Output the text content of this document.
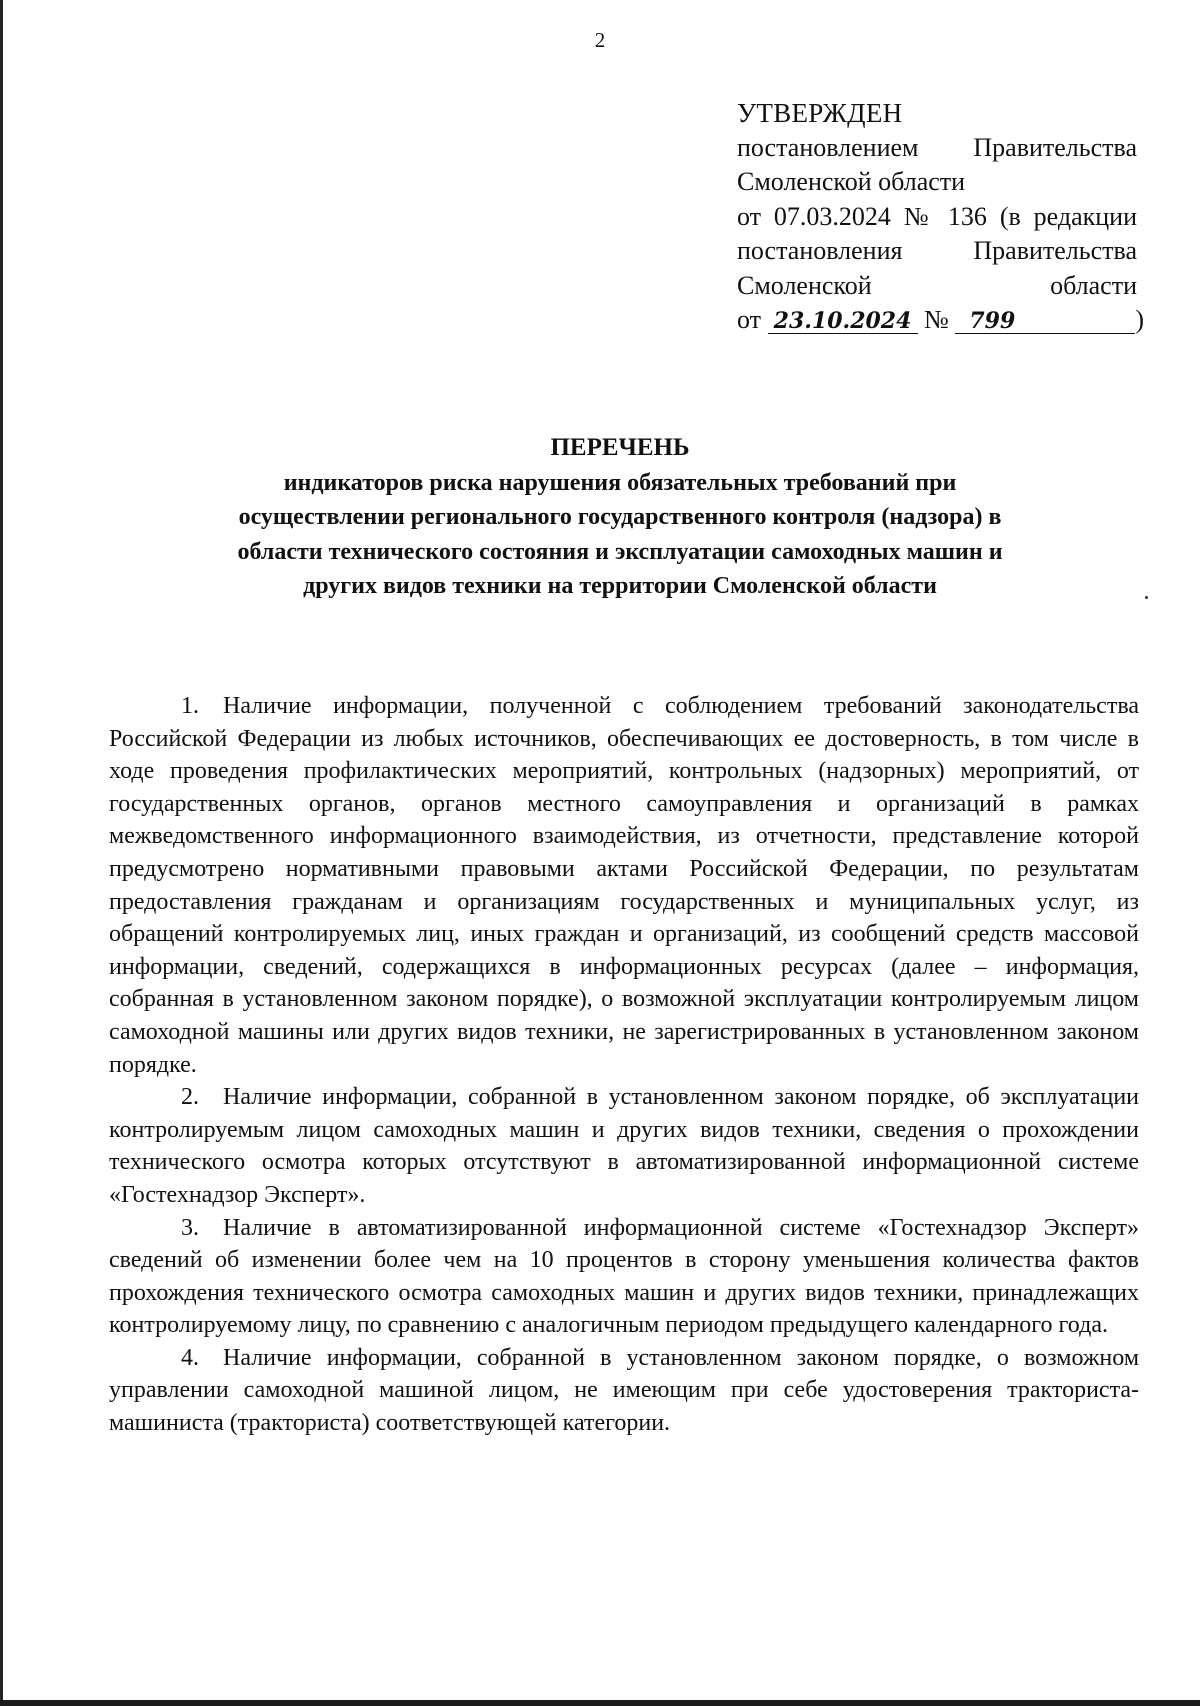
2
УТВЕРЖДЕН
постановлением Правительства
Смоленской области
от 07.03.2024 № 136 (в редакции
постановления Правительства
Смоленской области
от 23.10.2024 № 799	)
ПЕРЕЧЕНЬ
индикаторов риска нарушения обязательных требований при осуществлении регионального государственного контроля (надзора) в области технического состояния и эксплуатации самоходных машин и других видов техники на территории Смоленской области

1. Наличие информации, полученной с соблюдением требований законодательства Российской Федерации из любых источников, обеспечивающих ее достоверность, в том числе в ходе проведения профилактических мероприятий, контрольных (надзорных) мероприятий, от государственных органов, органов местного самоуправления и организаций в рамках межведомственного информационного взаимодействия, из отчетности, представление которой предусмотрено нормативными правовыми актами Российской Федерации, по результатам предоставления гражданам и организациям государственных и муниципальных услуг, из обращений контролируемых лиц, иных граждан и организаций, из сообщений средств массовой информации, сведений, содержащихся в информационных ресурсах (далее – информация, собранная в установленном законом порядке), о возможной эксплуатации контролируемым лицом самоходной машины или других видов техники, не зарегистрированных в установленном законом порядке.

2. Наличие информации, собранной в установленном законом порядке, об эксплуатации контролируемым лицом самоходных машин и других видов техники, сведения о прохождении технического осмотра которых отсутствуют в автоматизированной информационной системе «Гостехнадзор Эксперт».

3. Наличие в автоматизированной информационной системе «Гостехнадзор Эксперт» сведений об изменении более чем на 10 процентов в сторону уменьшения количества фактов прохождения технического осмотра самоходных машин и других видов техники, принадлежащих контролируемому лицу, по сравнению с аналогичным периодом предыдущего календарного года.

4. Наличие информации, собранной в установленном законом порядке, о возможном управлении самоходной машиной лицом, не имеющим при себе удостоверения тракториста-машиниста (тракториста) соответствующей категории.
